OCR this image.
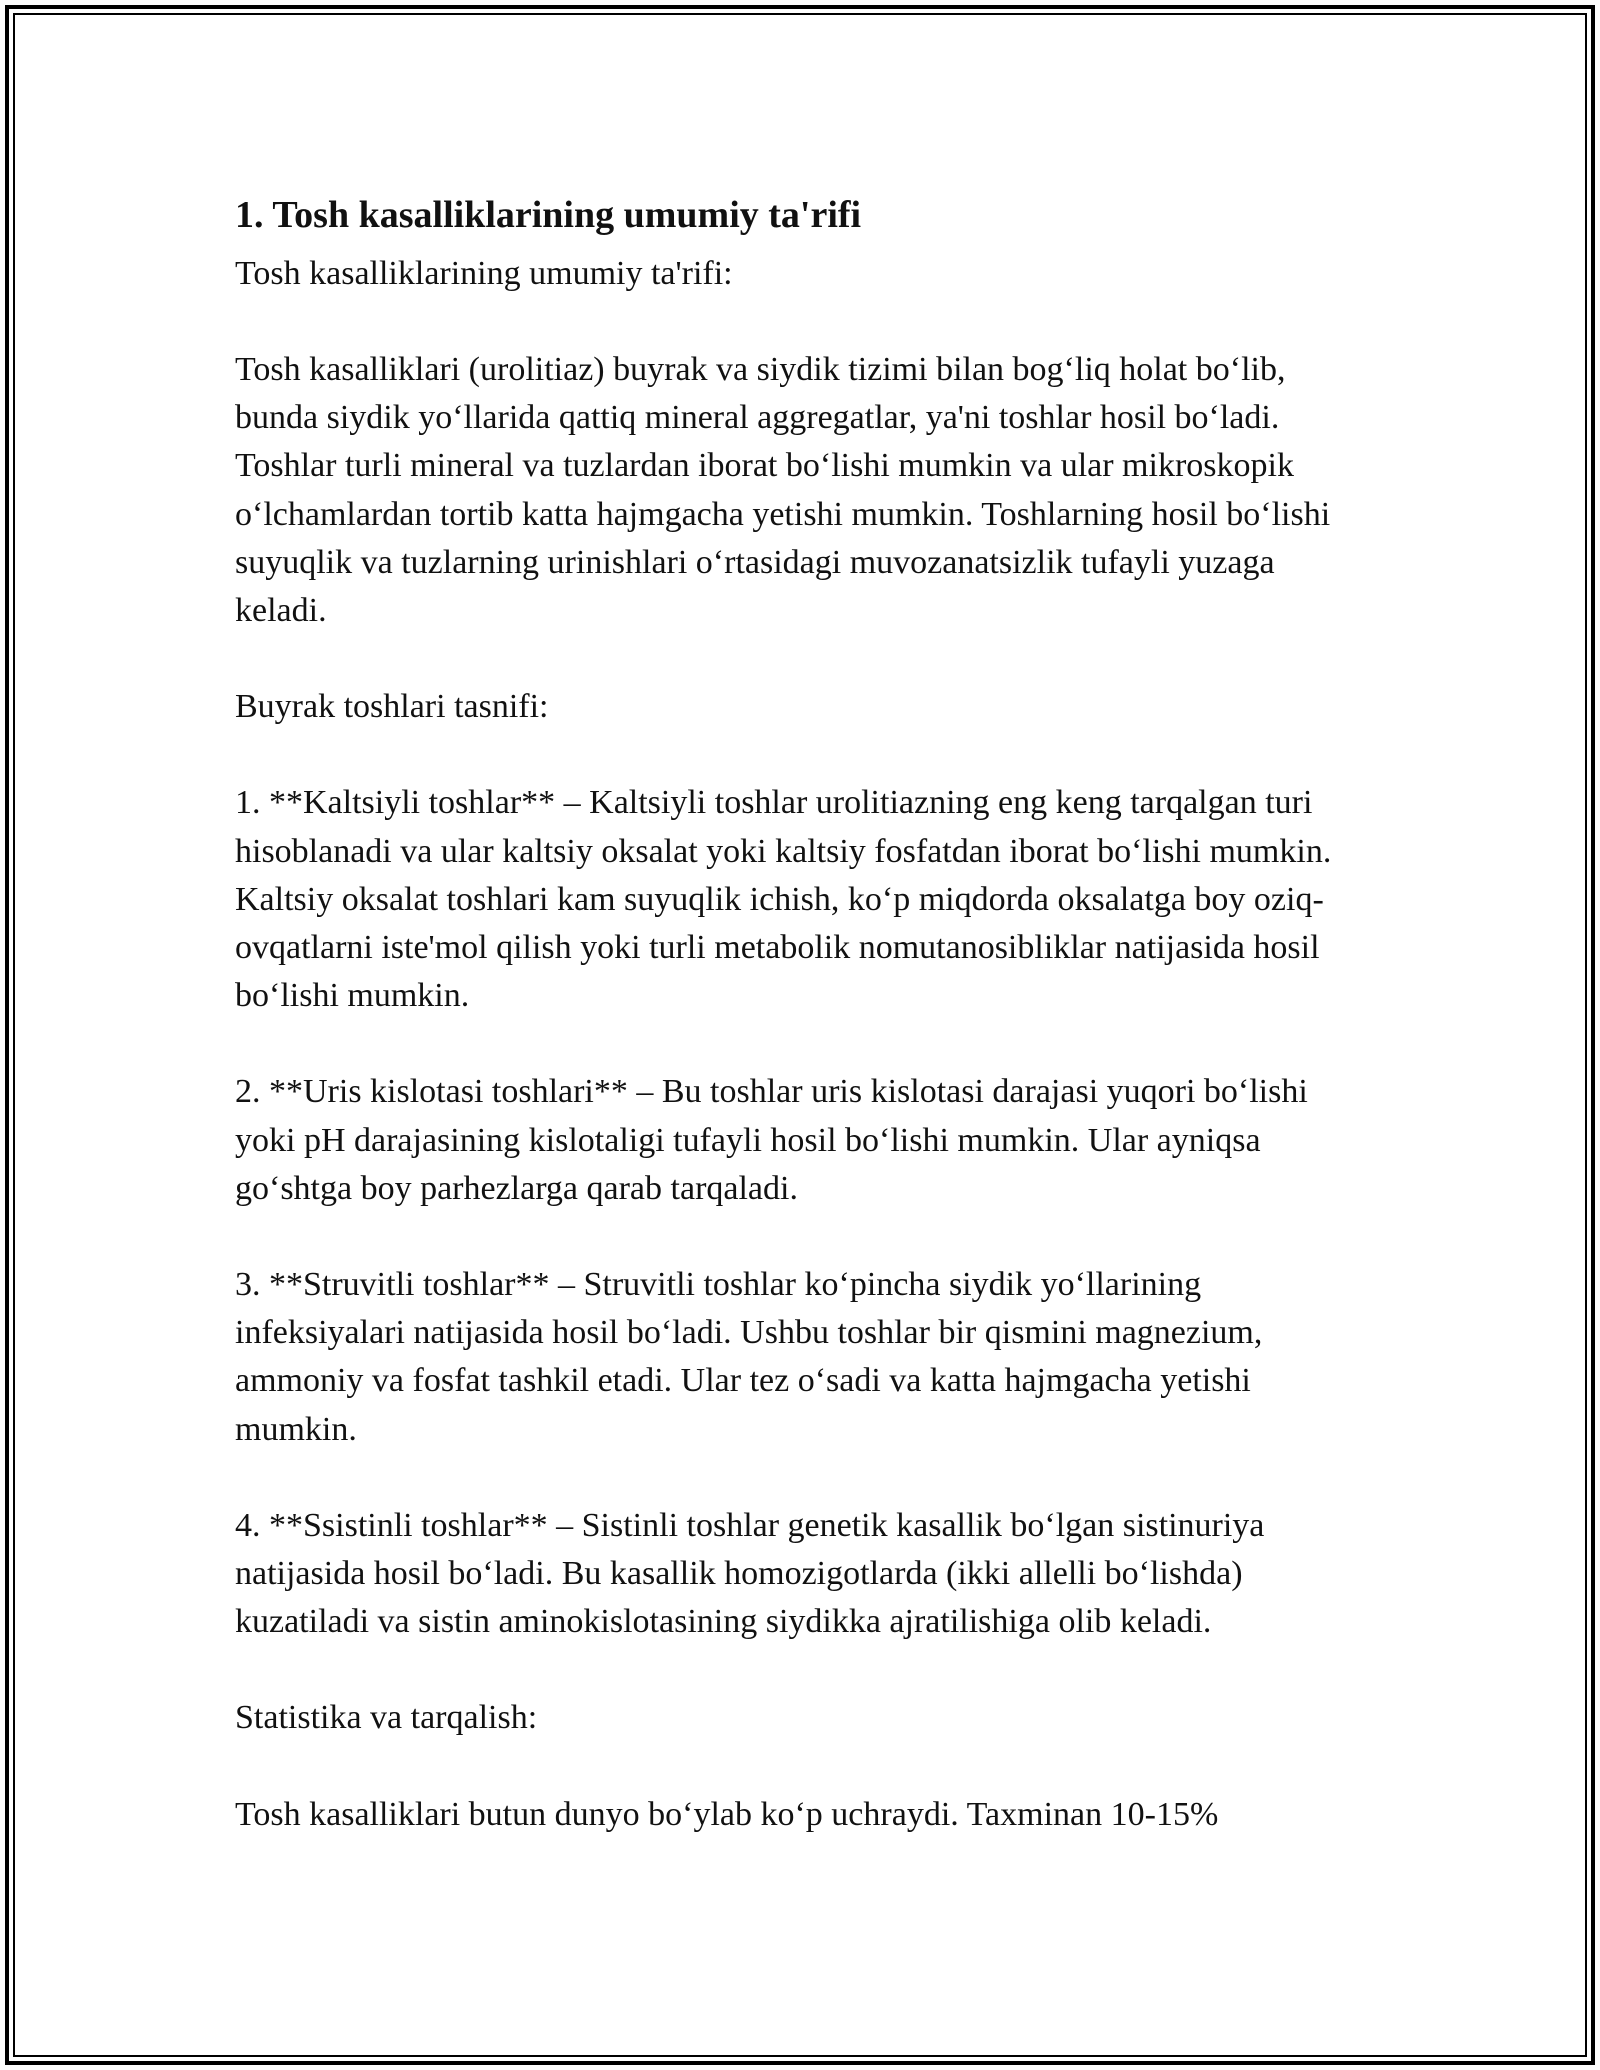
1. Tosh kasalliklarining umumiy ta'rifi
Tosh kasalliklarining umumiy ta'rifi:

Tosh kasalliklari (urolitiaz) buyrak va siydik tizimi bilan bog‘liq holat bo‘lib, bunda siydik yo‘llarida qattiq mineral aggregatlar, ya'ni toshlar hosil bo‘ladi. Toshlar turli mineral va tuzlardan iborat bo‘lishi mumkin va ular mikroskopik o‘lchamlardan tortib katta hajmgacha yetishi mumkin. Toshlarning hosil bo‘lishi suyuqlik va tuzlarning urinishlari o‘rtasidagi muvozanatsizlik tufayli yuzaga keladi.

Buyrak toshlari tasnifi:

1. **Kaltsiyli toshlar** – Kaltsiyli toshlar urolitiazning eng keng tarqalgan turi hisoblanadi va ular kaltsiy oksalat yoki kaltsiy fosfatdan iborat bo‘lishi mumkin. Kaltsiy oksalat toshlari kam suyuqlik ichish, ko‘p miqdorda oksalatga boy oziq-ovqatlarni iste'mol qilish yoki turli metabolik nomutanosibliklar natijasida hosil bo‘lishi mumkin.

2. **Uris kislotasi toshlari** – Bu toshlar uris kislotasi darajasi yuqori bo‘lishi yoki pH darajasining kislotaligi tufayli hosil bo‘lishi mumkin. Ular ayniqsa go‘shtga boy parhezlarga qarab tarqaladi.

3. **Struvitli toshlar** – Struvitli toshlar ko‘pincha siydik yo‘llarining infeksiyalari natijasida hosil bo‘ladi. Ushbu toshlar bir qismini magnezium, ammoniy va fosfat tashkil etadi. Ular tez o‘sadi va katta hajmgacha yetishi mumkin.

4. **Ssistinli toshlar** – Sistinli toshlar genetik kasallik bo‘lgan sistinuriya natijasida hosil bo‘ladi. Bu kasallik homozigotlarda (ikki allelli bo‘lishda) kuzatiladi va sistin aminokislotasining siydikka ajratilishiga olib keladi.

Statistika va tarqalish:

Tosh kasalliklari butun dunyo bo‘ylab ko‘p uchraydi. Taxminan 10-15%
